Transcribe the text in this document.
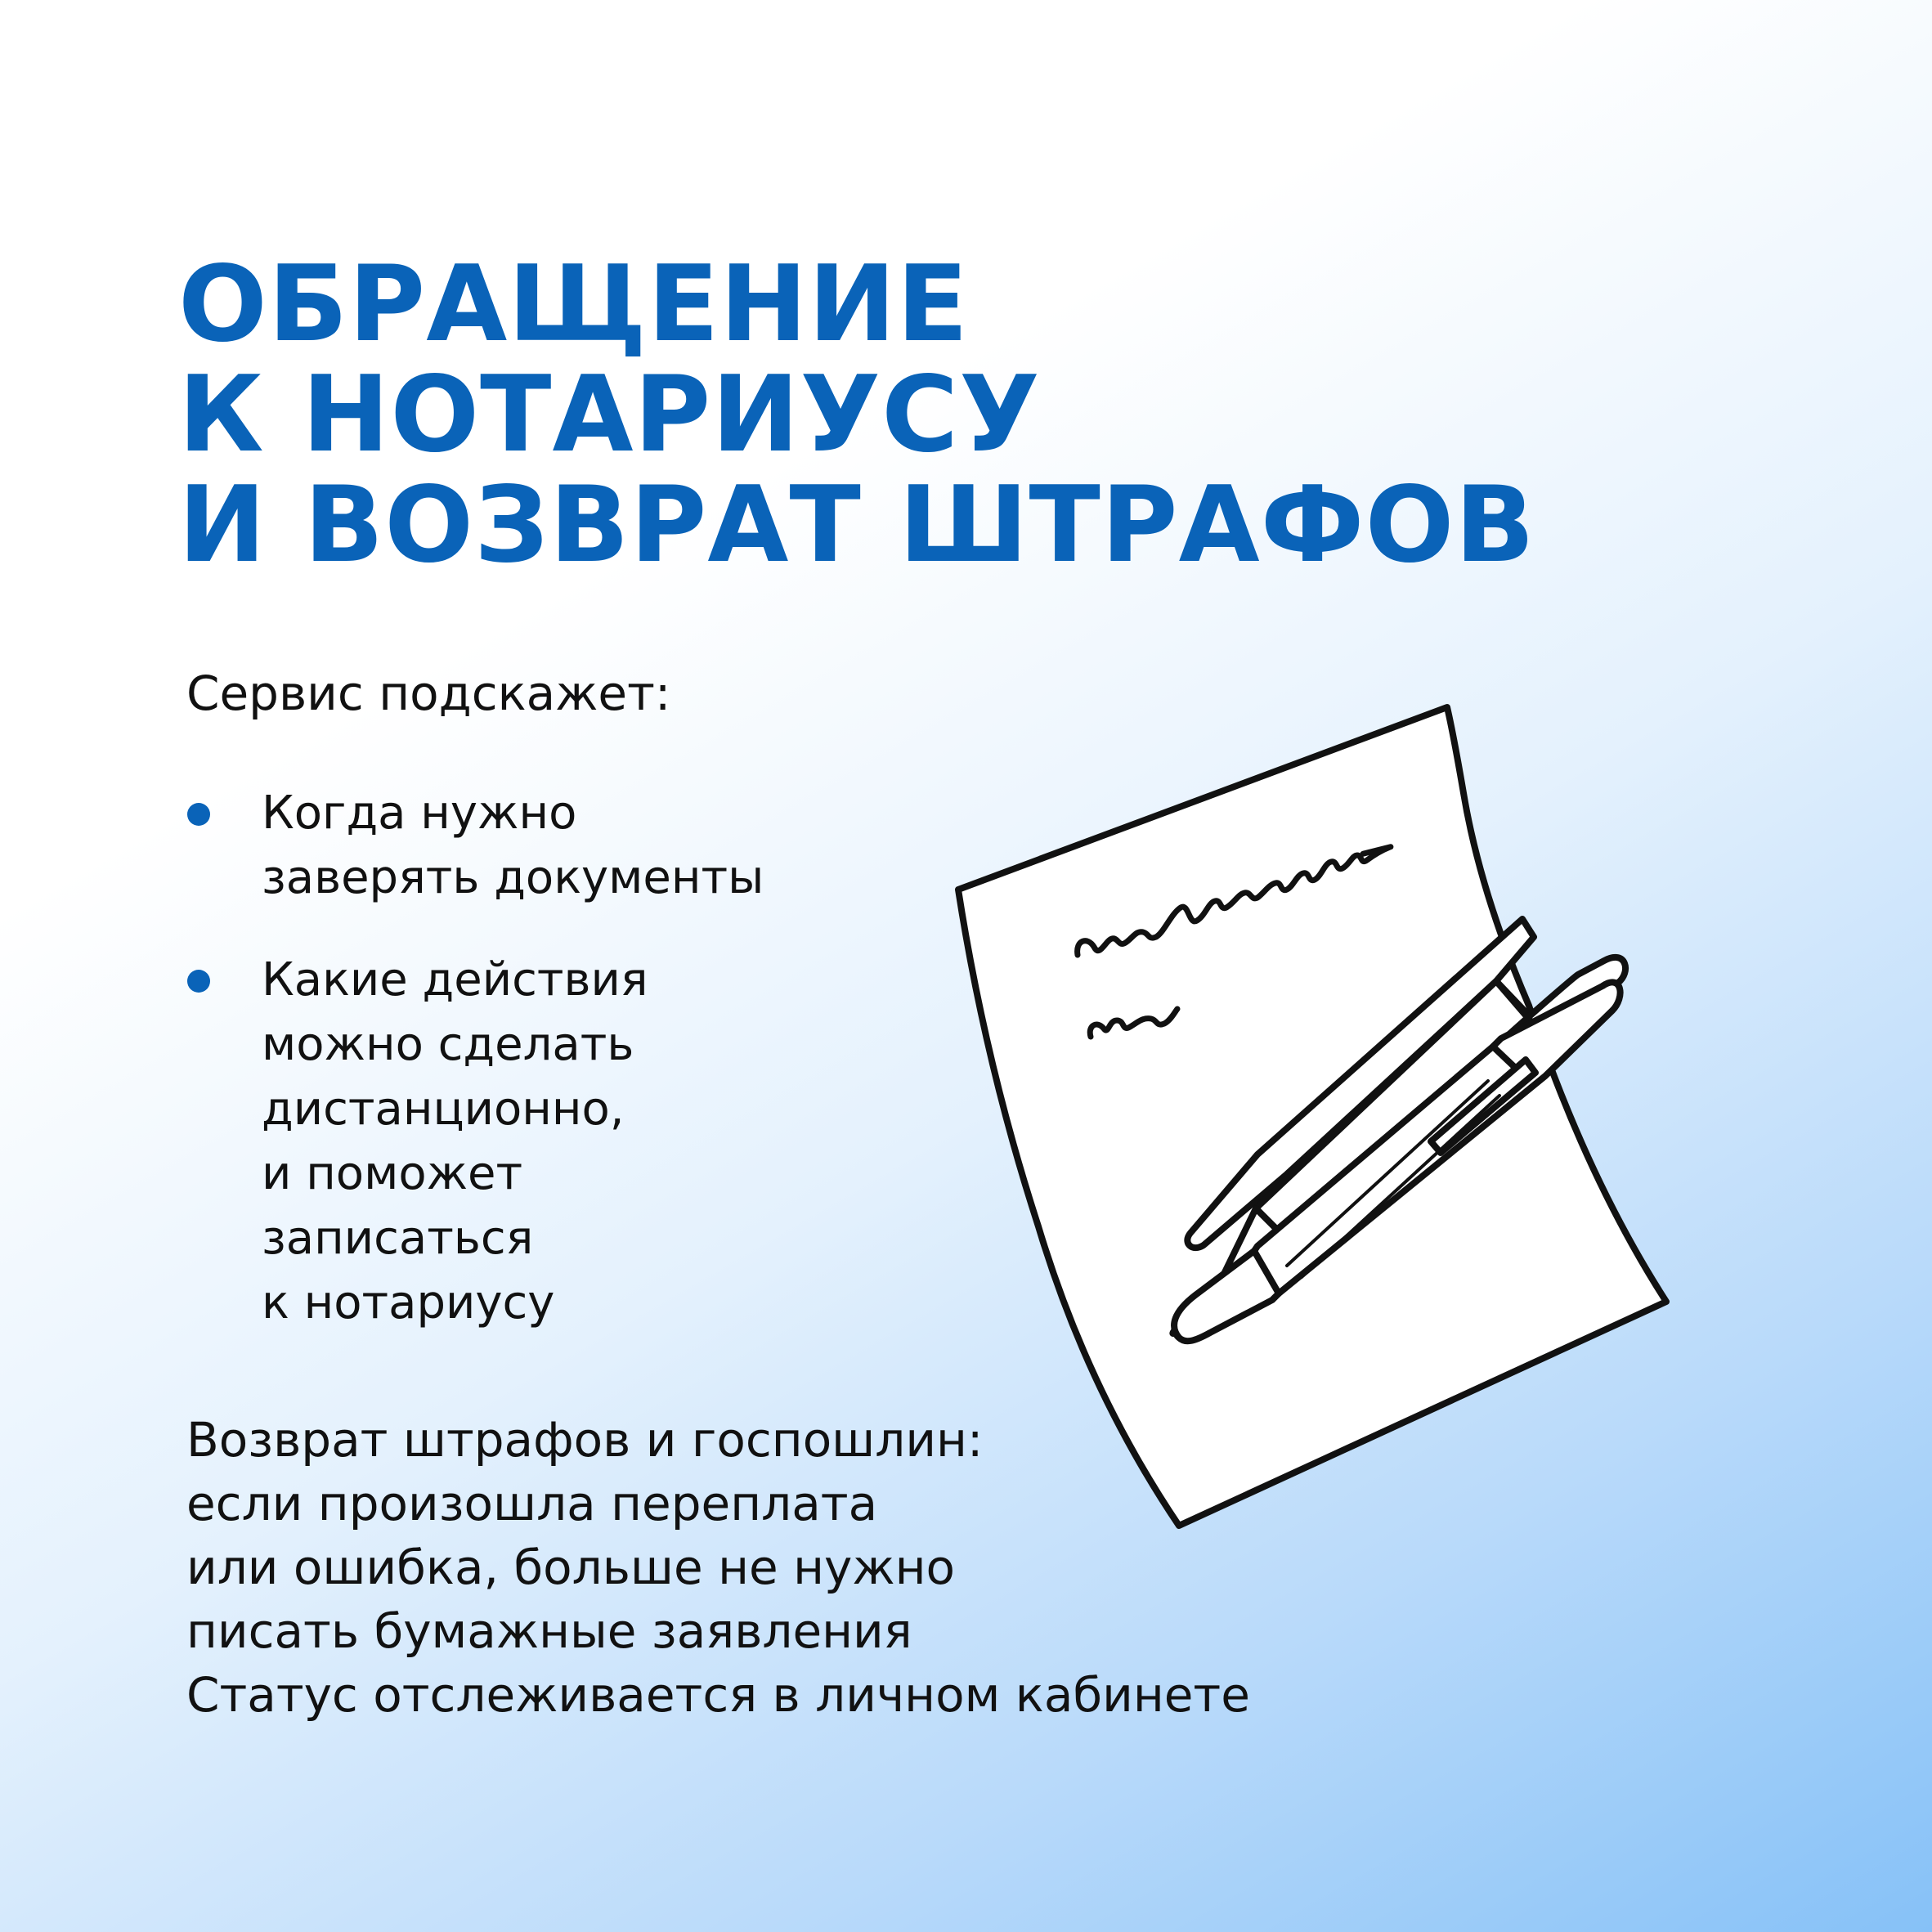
ОБРАЩЕНИЕ
К НОТАРИУСУ
И ВОЗВРАТ ШТРАФОВ
Сервис подскажет:
Когда нужно
заверять документы
Какие действия
можно сделать
дистанционно,
и поможет
записаться
к нотариусу
Возврат штрафов и госпошлин:
если произошла переплата
или ошибка, больше не нужно
писать бумажные заявления
Статус отслеживается в личном кабинете
